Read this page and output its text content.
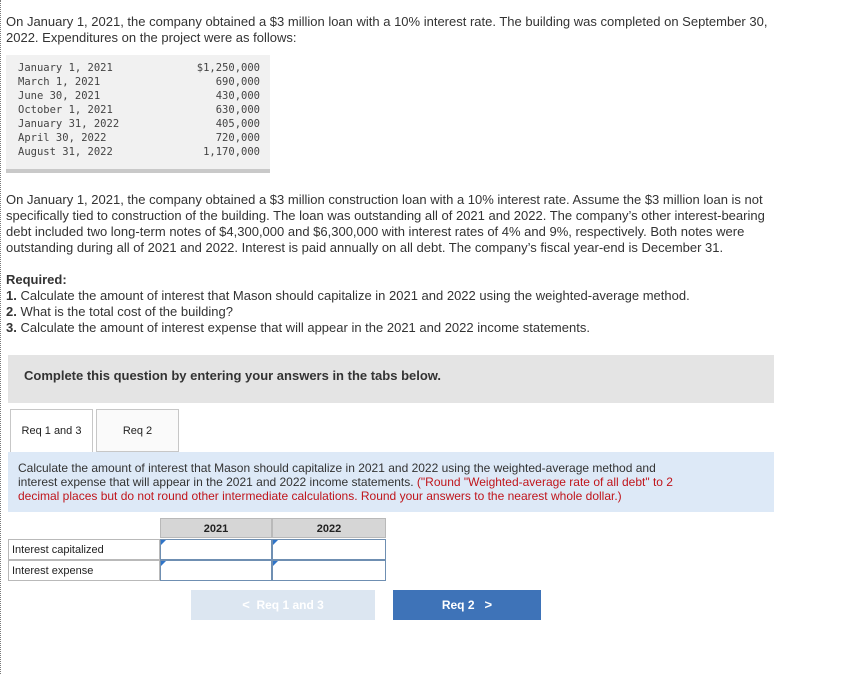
On January 1, 2021, the company obtained a $3 million loan with a 10% interest rate. The building was completed on September 30,
2022. Expenditures on the project were as follows:
January 1, 2021	$1,250,000
March 1, 2021	690,000
June 30, 2021	430,000
October 1, 2021	630,000
January 31, 2022	405,000
April 30, 2022	720,000
August 31, 2022	1,170,000
On January 1, 2021, the company obtained a $3 million construction loan with a 10% interest rate. Assume the $3 million loan is not
specifically tied to construction of the building. The loan was outstanding all of 2021 and 2022. The company’s other interest-bearing
debt included two long-term notes of $4,300,000 and $6,300,000 with interest rates of 4% and 9%, respectively. Both notes were
outstanding during all of 2021 and 2022. Interest is paid annually on all debt. The company’s fiscal year-end is December 31.
Required:
1. Calculate the amount of interest that Mason should capitalize in 2021 and 2022 using the weighted-average method.
2. What is the total cost of the building?
3. Calculate the amount of interest expense that will appear in the 2021 and 2022 income statements.
Complete this question by entering your answers in the tabs below.
Req 1 and 3	Req 2
Calculate the amount of interest that Mason should capitalize in 2021 and 2022 using the weighted-average method and
interest expense that will appear in the 2021 and 2022 income statements. ("Round "Weighted-average rate of all debt" to 2
decimal places but do not round other intermediate calculations. Round your answers to the nearest whole dollar.)
2021	2022
Interest capitalized
Interest expense
< Req 1 and 3	Req 2 >
